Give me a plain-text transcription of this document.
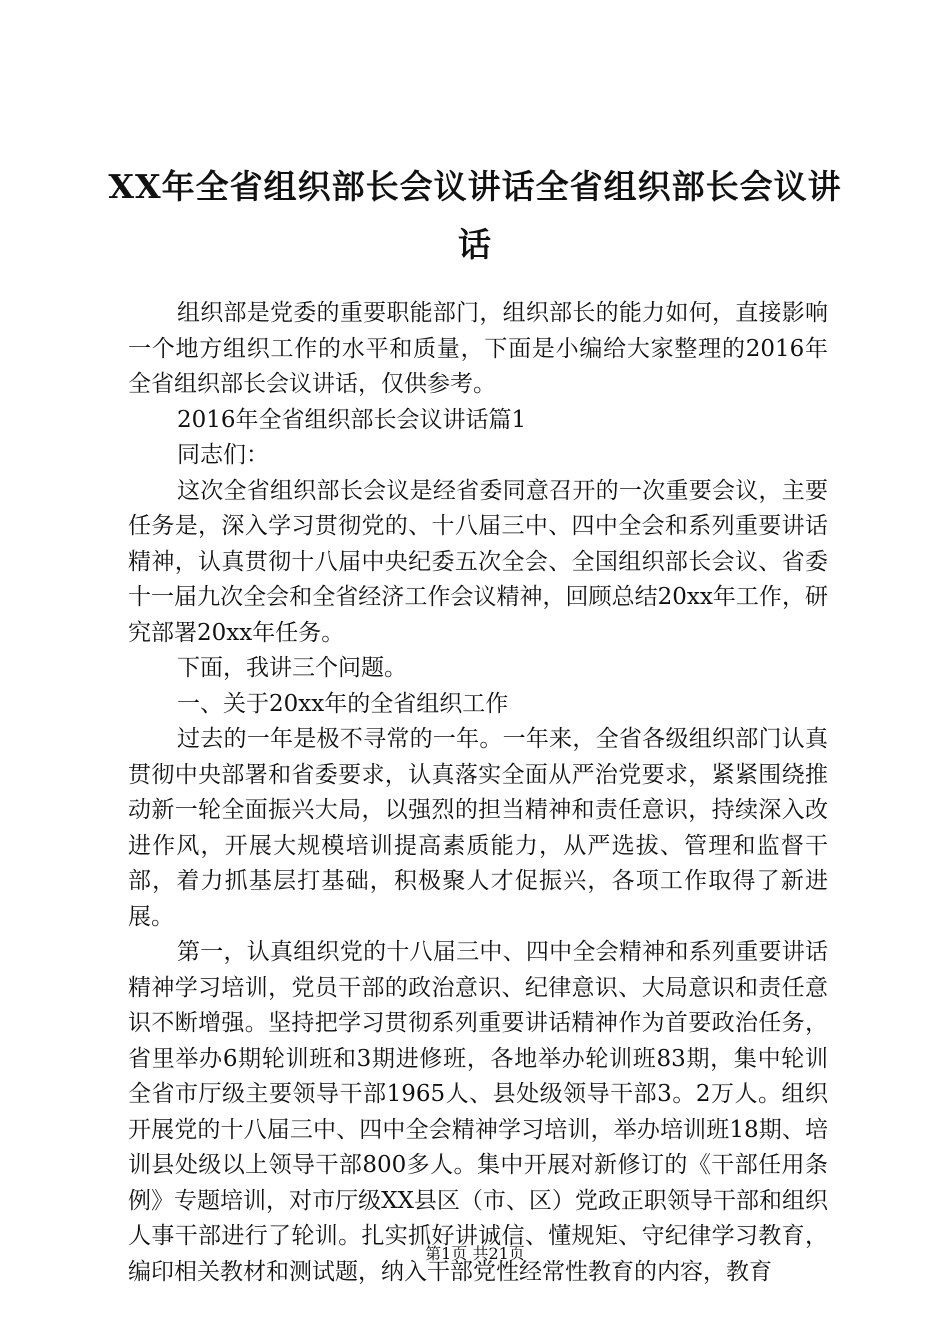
XX年全省组织部长会议讲话全省组织部长会议讲话

组织部是党委的重要职能部门，组织部长的能力如何，直接影响一个地方组织工作的水平和质量，下面是小编给大家整理的2016年全省组织部长会议讲话，仅供参考。

2016年全省组织部长会议讲话篇1

同志们：

这次全省组织部长会议是经省委同意召开的一次重要会议，主要任务是，深入学习贯彻党的、十八届三中、四中全会和系列重要讲话精神，认真贯彻十八届中央纪委五次全会、全国组织部长会议、省委十一届九次全会和全省经济工作会议精神，回顾总结20xx年工作，研究部署20xx年任务。

下面，我讲三个问题。

一、关于20xx年的全省组织工作

过去的一年是极不寻常的一年。一年来，全省各级组织部门认真贯彻中央部署和省委要求，认真落实全面从严治党要求，紧紧围绕推动新一轮全面振兴大局，以强烈的担当精神和责任意识，持续深入改进作风，开展大规模培训提高素质能力，从严选拔、管理和监督干部，着力抓基层打基础，积极聚人才促振兴，各项工作取得了新进展。

第一，认真组织党的十八届三中、四中全会精神和系列重要讲话精神学习培训，党员干部的政治意识、纪律意识、大局意识和责任意识不断增强。坚持把学习贯彻系列重要讲话精神作为首要政治任务，省里举办6期轮训班和3期进修班，各地举办轮训班83期，集中轮训全省市厅级主要领导干部1965人、县处级领导干部3。2万人。组织开展党的十八届三中、四中全会精神学习培训，举办培训班18期、培训县处级以上领导干部800多人。集中开展对新修订的《干部任用条例》专题培训，对市厅级XX县区（市、区）党政正职领导干部和组织人事干部进行了轮训。扎实抓好讲诚信、懂规矩、守纪律学习教育，编印相关教材和测试题，纳入干部党性经常性教育的内容，教育

第1页 共21页
